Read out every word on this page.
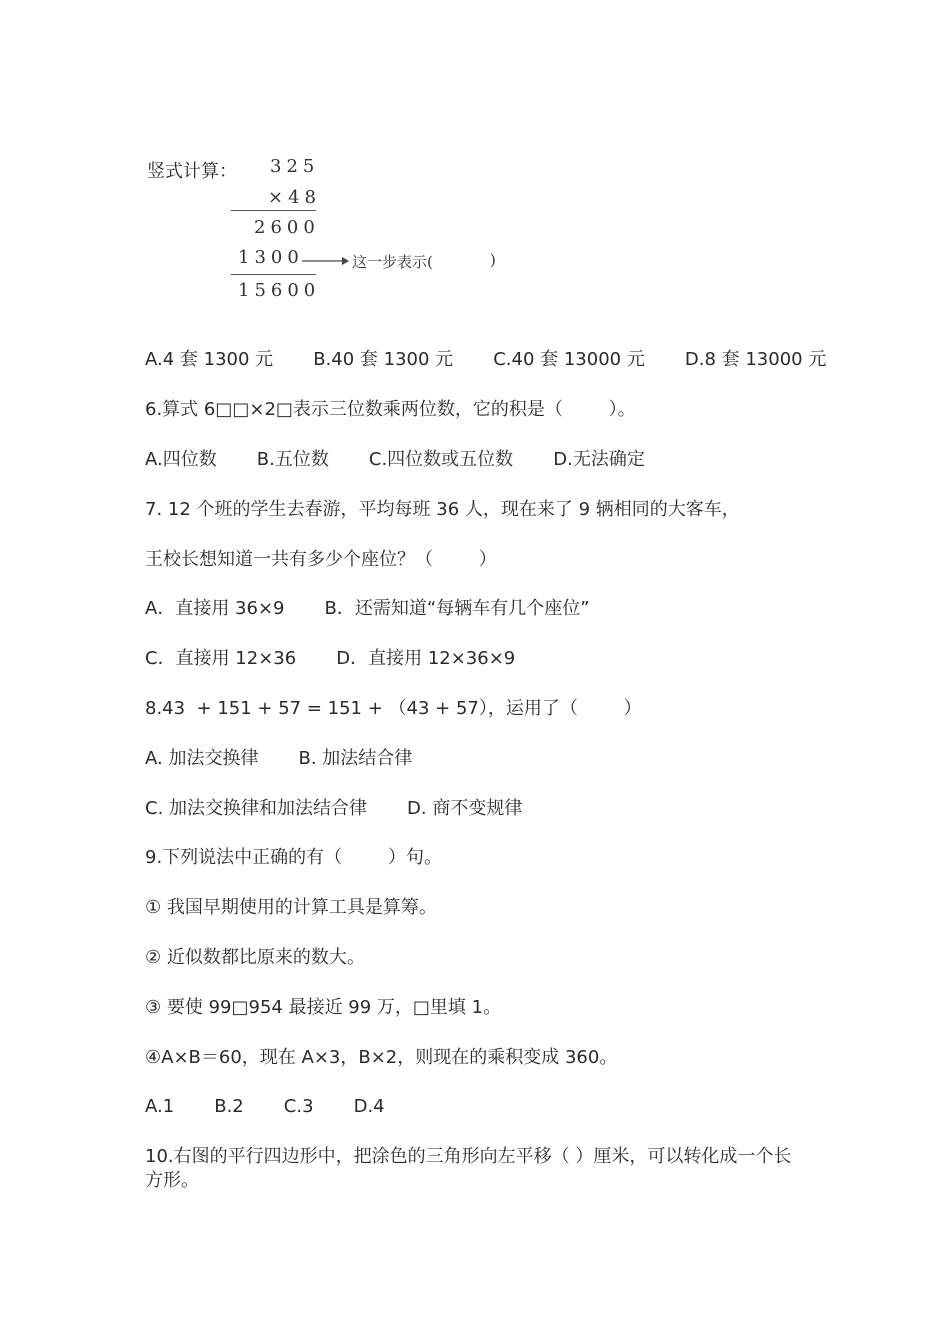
竖式计算： 325
×48
2600
1300	这一步表示(	)
15600
A.4 套 1300 元       B.40 套 1300 元       C.40 套 13000 元       D.8 套 13000 元
6.算式 6□□×2□表示三位数乘两位数，它的积是（        ）。
A.四位数       B.五位数       C.四位数或五位数       D.无法确定
7. 12 个班的学生去春游，平均每班 36 人，现在来了 9 辆相同的大客车，
王校长想知道一共有多少个座位？（        ）
A．直接用 36×9       B．还需知道“每辆车有几个座位”
C．直接用 12×36       D．直接用 12×36×9
8.43  + 151 + 57 = 151 + （43 + 57），运用了（        ）
A. 加法交换律       B. 加法结合律
C. 加法交换律和加法结合律       D. 商不变规律
9.下列说法中正确的有（        ）句。
① 我国早期使用的计算工具是算筹。
② 近似数都比原来的数大。
③ 要使 99□954 最接近 99 万，□里填 1。
④A×B＝60，现在 A×3，B×2，则现在的乘积变成 360。
A.1       B.2       C.3       D.4
10.右图的平行四边形中，把涂色的三角形向左平移（ ）厘米，可以转化成一个长方形。
